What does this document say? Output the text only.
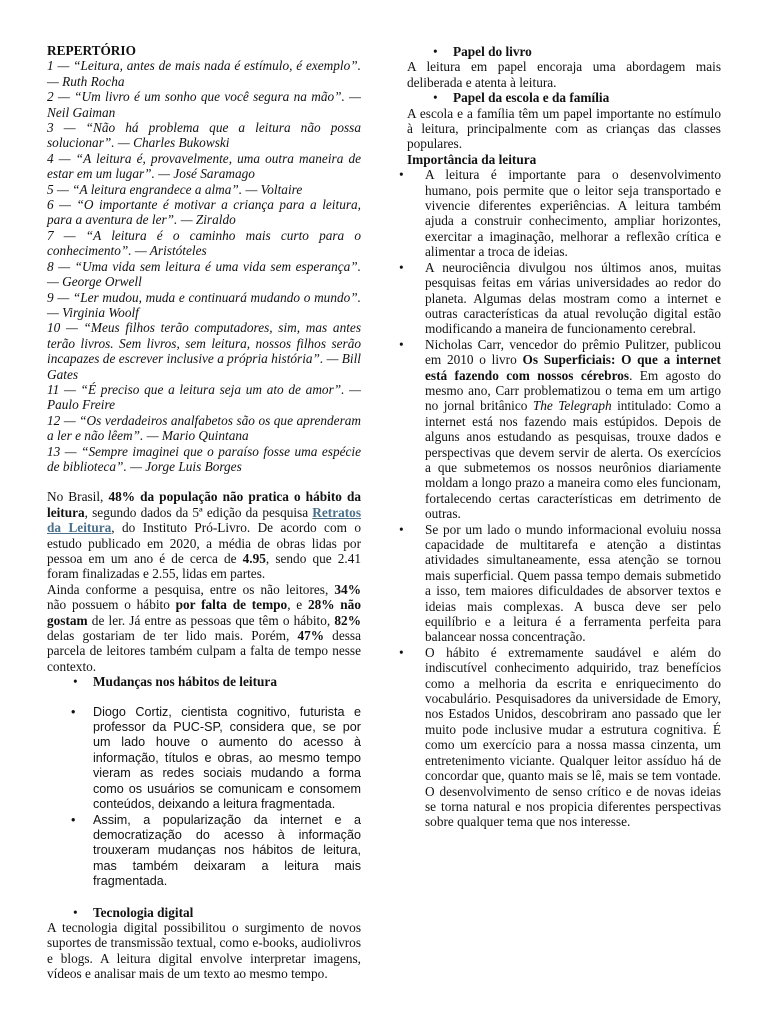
REPERTÓRIO

1 — “Leitura, antes de mais nada é estímulo, é exemplo”. — Ruth Rocha

2 — “Um livro é um sonho que você segura na mão”. — Neil Gaiman

3 — “Não há problema que a leitura não possa solucionar”. — Charles Bukowski

4 — “A leitura é, provavelmente, uma outra maneira de estar em um lugar”. — José Saramago

5 — “A leitura engrandece a alma”. — Voltaire

6 — “O importante é motivar a criança para a leitura, para a aventura de ler”. — Ziraldo

7 — “A leitura é o caminho mais curto para o conhecimento”. — Aristóteles

8 — “Uma vida sem leitura é uma vida sem esperança”. — George Orwell

9 — “Ler mudou, muda e continuará mudando o mundo”. — Virginia Woolf

10 — “Meus filhos terão computadores, sim, mas antes terão livros. Sem livros, sem leitura, nossos filhos serão incapazes de escrever inclusive a própria história”. — Bill Gates

11 — “É preciso que a leitura seja um ato de amor”. — Paulo Freire

12 — “Os verdadeiros analfabetos são os que aprenderam a ler e não lêem”. — Mario Quintana

13 — “Sempre imaginei que o paraíso fosse uma espécie de biblioteca”. — Jorge Luis Borges

No Brasil, 48% da população não pratica o hábito da leitura, segundo dados da 5ª edição da pesquisa Retratos da Leitura, do Instituto Pró-Livro. De acordo com o estudo publicado em 2020, a média de obras lidas por pessoa em um ano é de cerca de 4.95, sendo que 2.41 foram finalizadas e 2.55, lidas em partes.

Ainda conforme a pesquisa, entre os não leitores, 34% não possuem o hábito por falta de tempo, e 28% não gostam de ler. Já entre as pessoas que têm o hábito, 82% delas gostariam de ter lido mais. Porém, 47% dessa parcela de leitores também culpam a falta de tempo nesse contexto.

• Mudanças nos hábitos de leitura
• Diogo Cortiz, cientista cognitivo, futurista e professor da PUC-SP, considera que, se por um lado houve o aumento do acesso à informação, títulos e obras, ao mesmo tempo vieram as redes sociais mudando a forma como os usuários se comunicam e consomem conteúdos, deixando a leitura fragmentada.
• Assim, a popularização da internet e a democratização do acesso à informação trouxeram mudanças nos hábitos de leitura, mas também deixaram a leitura mais fragmentada.
• Tecnologia digital

A tecnologia digital possibilitou o surgimento de novos suportes de transmissão textual, como e-books, audiolivros e blogs. A leitura digital envolve interpretar imagens, vídeos e analisar mais de um texto ao mesmo tempo.

• Papel do livro

A leitura em papel encoraja uma abordagem mais deliberada e atenta à leitura.

• Papel da escola e da família

A escola e a família têm um papel importante no estímulo à leitura, principalmente com as crianças das classes populares.

Importância da leitura

• A leitura é importante para o desenvolvimento humano, pois permite que o leitor seja transportado e vivencie diferentes experiências. A leitura também ajuda a construir conhecimento, ampliar horizontes, exercitar a imaginação, melhorar a reflexão crítica e alimentar a troca de ideias.
• A neurociência divulgou nos últimos anos, muitas pesquisas feitas em várias universidades ao redor do planeta. Algumas delas mostram como a internet e outras características da atual revolução digital estão modificando a maneira de funcionamento cerebral.
• Nicholas Carr, vencedor do prêmio Pulitzer, publicou em 2010 o livro Os Superficiais: O que a internet está fazendo com nossos cérebros. Em agosto do mesmo ano, Carr problematizou o tema em um artigo no jornal britânico The Telegraph intitulado: Como a internet está nos fazendo mais estúpidos. Depois de alguns anos estudando as pesquisas, trouxe dados e perspectivas que devem servir de alerta. Os exercícios a que submetemos os nossos neurônios diariamente moldam a longo prazo a maneira como eles funcionam, fortalecendo certas características em detrimento de outras.
• Se por um lado o mundo informacional evoluiu nossa capacidade de multitarefa e atenção a distintas atividades simultaneamente, essa atenção se tornou mais superficial. Quem passa tempo demais submetido a isso, tem maiores dificuldades de absorver textos e ideias mais complexas. A busca deve ser pelo equilíbrio e a leitura é a ferramenta perfeita para balancear nossa concentração.
• O hábito é extremamente saudável e além do indiscutível conhecimento adquirido, traz benefícios como a melhoria da escrita e enriquecimento do vocabulário. Pesquisadores da universidade de Emory, nos Estados Unidos, descobriram ano passado que ler muito pode inclusive mudar a estrutura cognitiva. É como um exercício para a nossa massa cinzenta, um entretenimento viciante. Qualquer leitor assíduo há de concordar que, quanto mais se lê, mais se tem vontade. O desenvolvimento de senso crítico e de novas ideias se torna natural e nos propicia diferentes perspectivas sobre qualquer tema que nos interesse.
